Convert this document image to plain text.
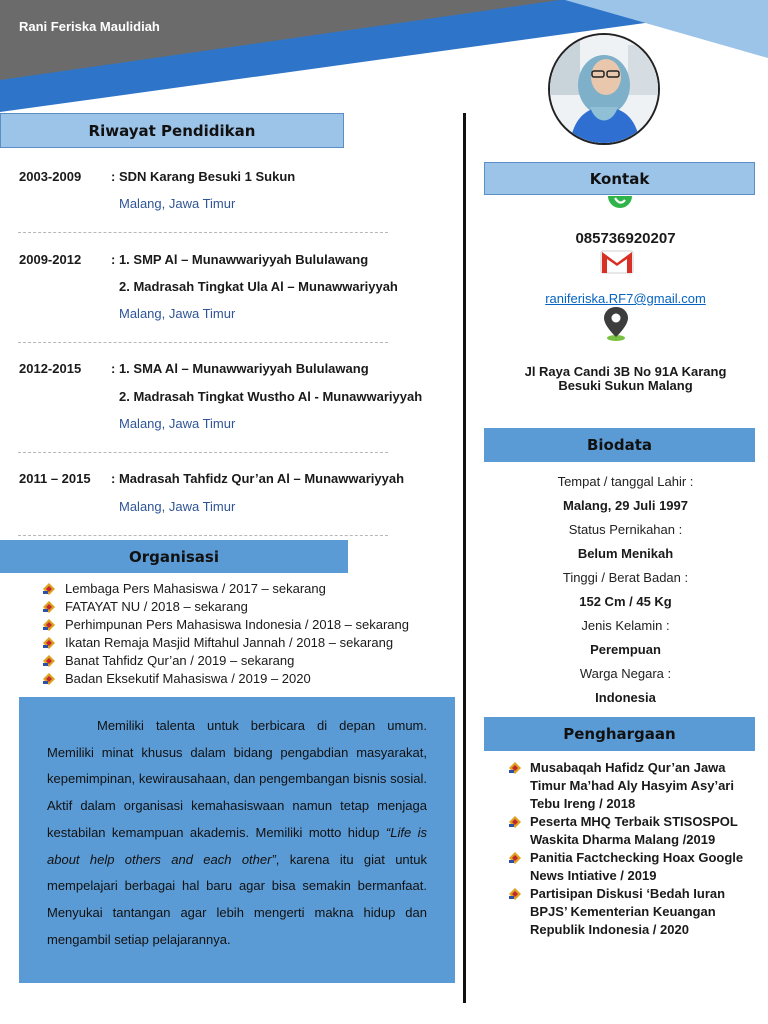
Rani Feriska Maulidiah
Riwayat Pendidikan
2003-2009 : SDN Karang Besuki 1 Sukun
Malang, Jawa Timur
2009-2012 : 1. SMP Al – Munawwariyyah Bululawang
2. Madrasah Tingkat Ula Al – Munawwariyyah
Malang, Jawa Timur
2012-2015 : 1. SMA Al – Munawwariyyah Bululawang
2. Madrasah Tingkat Wustho Al - Munawwariyyah
Malang, Jawa Timur
2011 – 2015 : Madrasah Tahfidz Qur’an Al – Munawwariyyah
Malang, Jawa Timur
Organisasi
Lembaga Pers Mahasiswa / 2017 – sekarang
FATAYAT NU / 2018 – sekarang
Perhimpunan Pers Mahasiswa Indonesia / 2018 – sekarang
Ikatan Remaja Masjid Miftahul Jannah / 2018 – sekarang
Banat Tahfidz Qur’an / 2019 – sekarang
Badan Eksekutif Mahasiswa / 2019 – 2020
Memiliki talenta untuk berbicara di depan umum. Memiliki minat khusus dalam bidang pengabdian masyarakat, kepemimpinan, kewirausahaan, dan pengembangan bisnis sosial. Aktif dalam organisasi kemahasiswaan namun tetap menjaga kestabilan kemampuan akademis. Memiliki motto hidup “Life is about help others and each other”, karena itu giat untuk mempelajari berbagai hal baru agar bisa semakin bermanfaat. Menyukai tantangan agar lebih mengerti makna hidup dan mengambil setiap pelajarannya.
Kontak
085736920207
raniferiska.RF7@gmail.com
Jl Raya Candi 3B No 91A Karang
Besuki Sukun Malang
Biodata
Tempat / tanggal Lahir :
Malang, 29 Juli 1997
Status Pernikahan :
Belum Menikah
Tinggi / Berat Badan :
152 Cm / 45 Kg
Jenis Kelamin :
Perempuan
Warga Negara :
Indonesia
Penghargaan
Musabaqah Hafidz Qur’an Jawa Timur Ma’had Aly Hasyim Asy’ari Tebu Ireng / 2018
Peserta MHQ Terbaik STISOSPOL Waskita Dharma Malang /2019
Panitia Factchecking Hoax Google News Intiative / 2019
Partisipan Diskusi ‘Bedah Iuran BPJS’ Kementerian Keuangan Republik Indonesia / 2020
